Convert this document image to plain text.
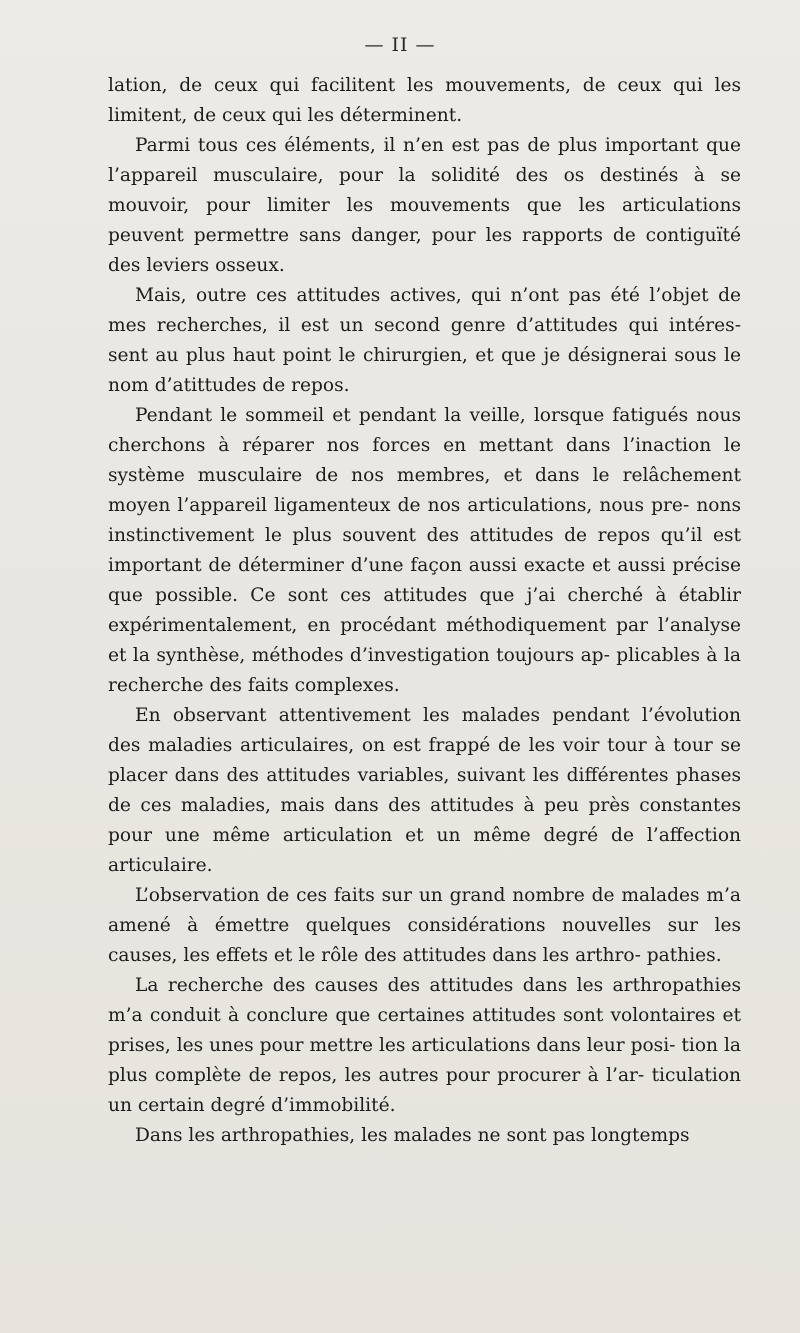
— II —

lation, de ceux qui facilitent les mouvements, de ceux qui les limitent, de ceux qui les déterminent.

Parmi tous ces éléments, il n’en est pas de plus important que l’appareil musculaire, pour la solidité des os destinés à se mouvoir, pour limiter les mouvements que les articulations peuvent permettre sans danger, pour les rapports de contiguïté des leviers osseux.

Mais, outre ces attitudes actives, qui n’ont pas été l’objet de mes recherches, il est un second genre d’attitudes qui intéres- sent au plus haut point le chirurgien, et que je désignerai sous le nom d’atittudes de repos.

Pendant le sommeil et pendant la veille, lorsque fatigués nous cherchons à réparer nos forces en mettant dans l’inaction le système musculaire de nos membres, et dans le relâchement moyen l’appareil ligamenteux de nos articulations, nous pre- nons instinctivement le plus souvent des attitudes de repos qu’il est important de déterminer d’une façon aussi exacte et aussi précise que possible. Ce sont ces attitudes que j’ai cherché à établir expérimentalement, en procédant méthodiquement par l’analyse et la synthèse, méthodes d’investigation toujours ap- plicables à la recherche des faits complexes.

En observant attentivement les malades pendant l’évolution des maladies articulaires, on est frappé de les voir tour à tour se placer dans des attitudes variables, suivant les différentes phases de ces maladies, mais dans des attitudes à peu près constantes pour une même articulation et un même degré de l’affection articulaire.

L’observation de ces faits sur un grand nombre de malades m’a amené à émettre quelques considérations nouvelles sur les causes, les effets et le rôle des attitudes dans les arthro- pathies.

La recherche des causes des attitudes dans les arthropathies m’a conduit à conclure que certaines attitudes sont volontaires et prises, les unes pour mettre les articulations dans leur posi- tion la plus complète de repos, les autres pour procurer à l’ar- ticulation un certain degré d’immobilité.

Dans les arthropathies, les malades ne sont pas longtemps
